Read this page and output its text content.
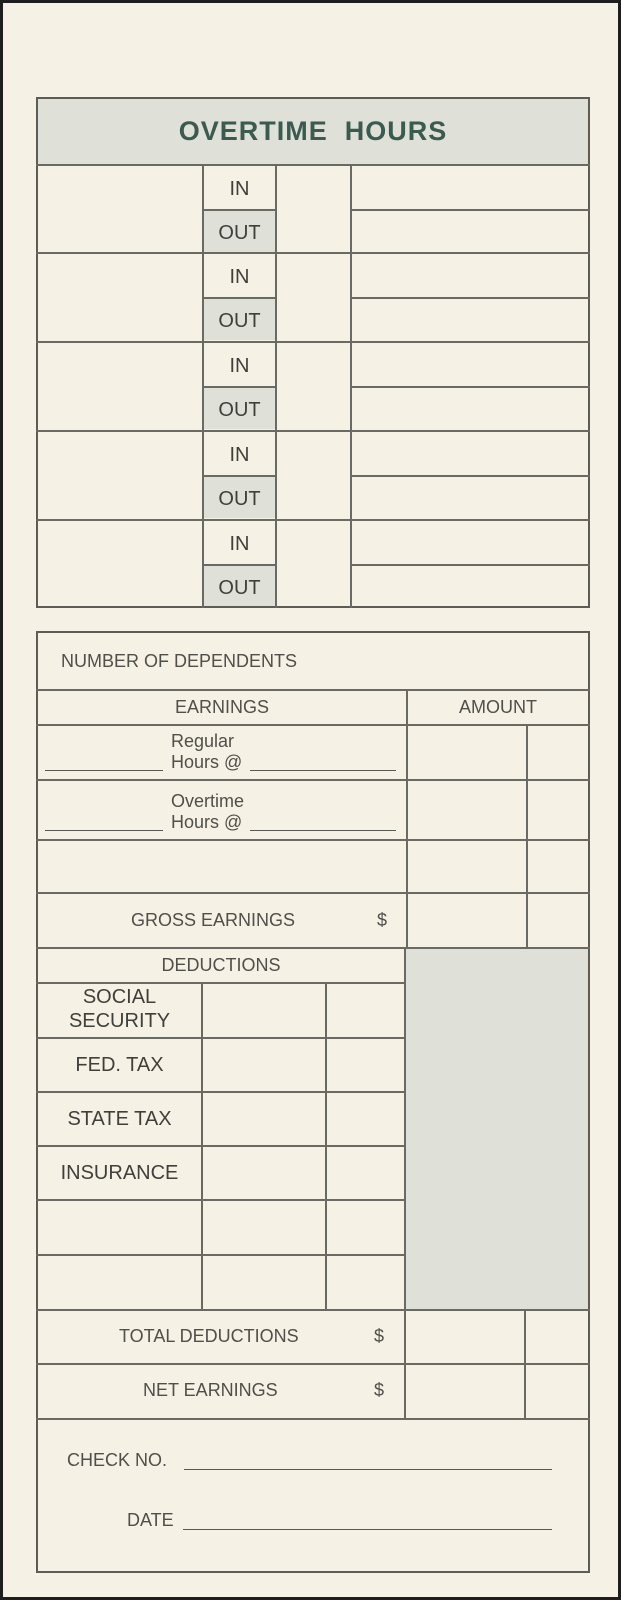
OVERTIME  HOURS
IN
OUT
IN
OUT
IN
OUT
IN
OUT
IN
OUT
NUMBER OF DEPENDENTS
EARNINGS	AMOUNT
Regular
Hours @
Overtime
Hours @
GROSS EARNINGS	$
DEDUCTIONS
SOCIAL
SECURITY
FED. TAX
STATE TAX
INSURANCE
TOTAL DEDUCTIONS	$
NET EARNINGS	$
CHECK NO.
DATE
